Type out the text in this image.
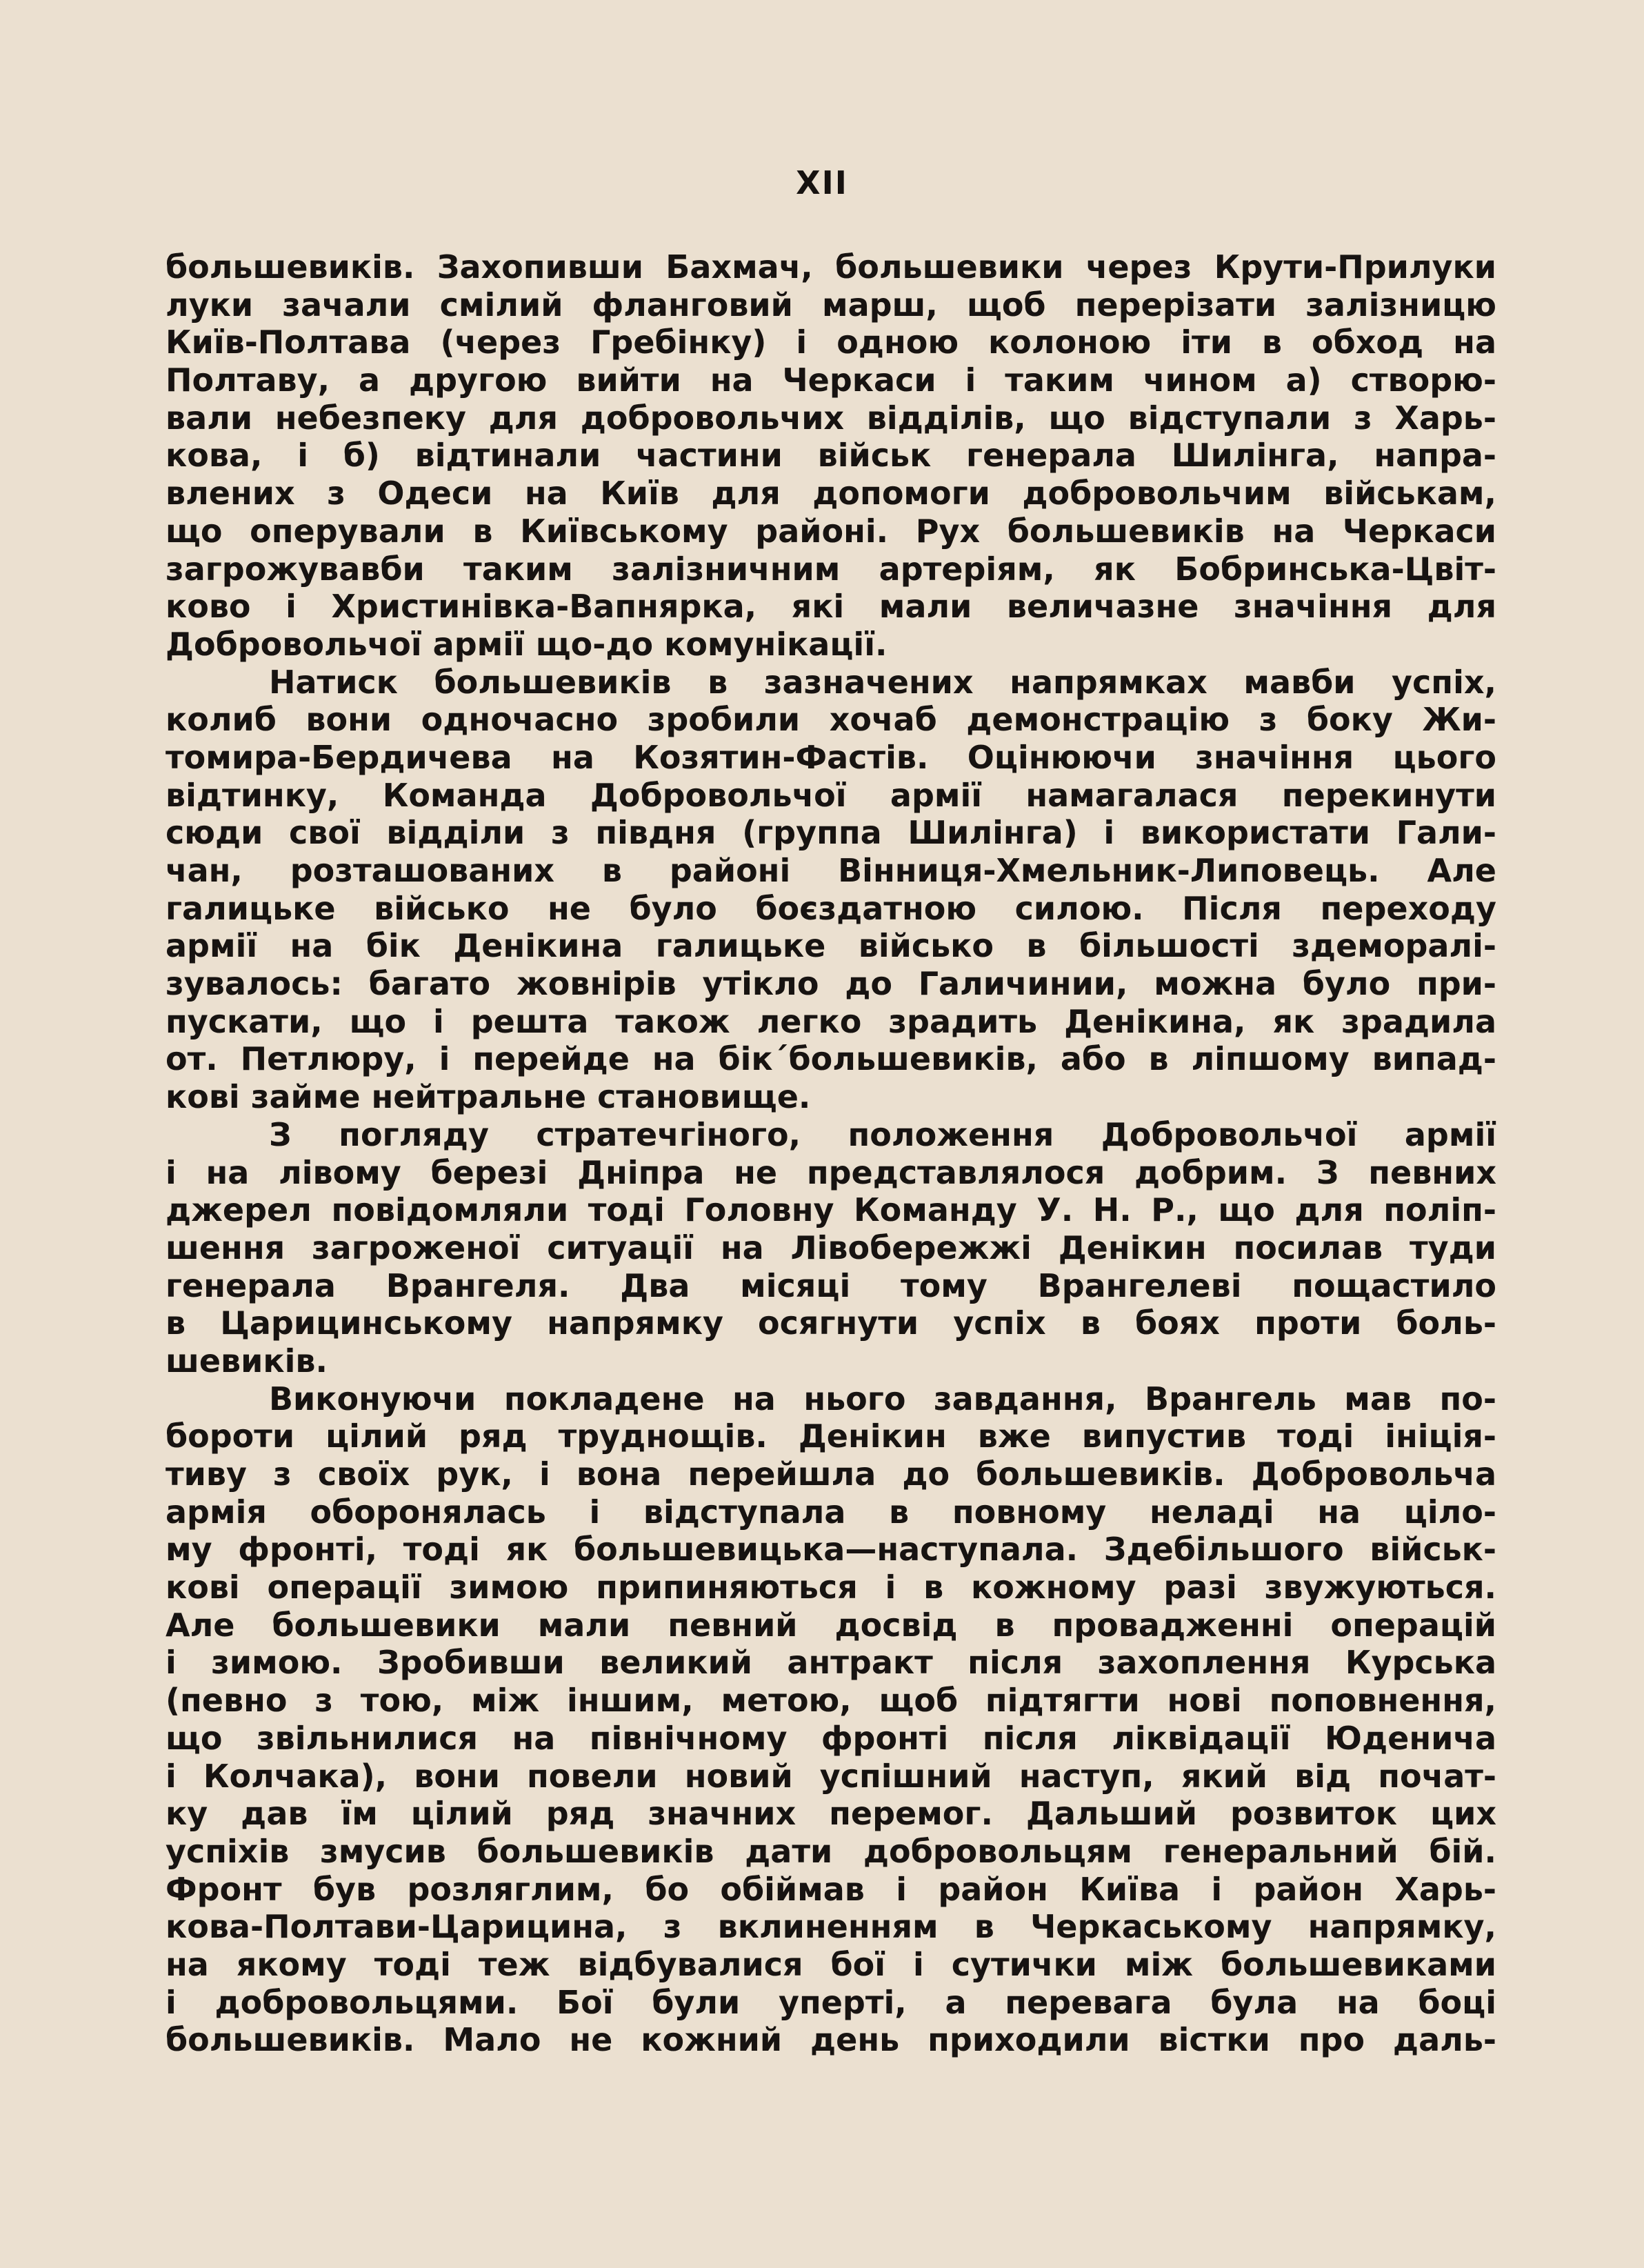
XII
большевиків. Захопивши Бахмач, большевики через Крути-Прилуки
луки зачали смілий фланговий марш, щоб перерізати залізницю
Київ-Полтава (через Гребінку) і одною колоною іти в обход на
Полтаву, а другою вийти на Черкаси і таким чином а) створю-
вали небезпеку для добровольчих відділів, що відступали з Харь-
кова, і б) відтинали частини військ генерала Шилінга, напра-
влених з Одеси на Київ для допомоги добровольчим військам,
що оперували в Київському районі. Рух большевиків на Черкаси
загрожувавби таким залізничним артеріям, як Бобринська-Цвіт-
ково і Христинівка-Вапнярка, які мали величазне значіння для
Добровольчої армії що-до комунікації.
Натиск большевиків в зазначених напрямках мавби успіх,
колиб вони одночасно зробили хочаб демонстрацію з боку Жи-
томира-Бердичева на Козятин-Фастів. Оцінюючи значіння цього
відтинку, Команда Добровольчої армії намагалася перекинути
сюди свої відділи з півдня (группа Шилінга) і використати Гали-
чан, розташованих в районі Вінниця-Хмельник-Липовець. Але
галицьке військо не було боєздатною силою. Після переходу
армії на бік Денікина галицьке військо в більшості здеморалі-
зувалось: багато жовнірів утікло до Галичинии, можна було при-
пускати, що і решта також легко зрадить Денікина, як зрадила
от. Петлюру, і перейде на бік´большевиків, або в ліпшому випад-
кові займе нейтральне становище.
З погляду стратечгіного, положення Добровольчої армії
і на лівому березі Дніпра не представлялося добрим. З певних
джерел повідомляли тоді Головну Команду У. Н. Р., що для поліп-
шення загроженої ситуації на Лівобережжі Денікин посилав туди
генерала Врангеля. Два місяці тому Врангелеві пощастило
в Царицинському напрямку осягнути успіх в боях проти боль-
шевиків.
Виконуючи покладене на нього завдання, Врангель мав по-
бороти цілий ряд труднощів. Денікин вже випустив тоді ініцiя-
тиву з своїх рук, і вона перейшла до большевиків. Добровольча
армія оборонялась і відступала в повному неладі на цілo-
му фронті, тоді як большевицька—наступала. Здебільшого військ-
кові операції зимою припиняються і в кожному разі звужуються.
Але большевики мали певний досвід в провадженні операцій
і зимою. Зробивши великий антракт після захоплення Курська
(певно з тою, між іншим, метою, щоб підтягти нові поповнення,
що звільнилися на північному фронті після ліквідації Юденича
і Колчака), вони повели новий успішний наступ, який від почат-
ку дав їм цілий ряд значних перемог. Дальший розвиток цих
успіхів змусив большевиків дати добровольцям генеральний бій.
Фронт був розляглим, бо обіймав і район Київа і район Харь-
кова-Полтави-Царицина, з вклиненням в Черкаському напрямку,
на якому тоді теж відбувалися бої і сутички між большевиками
і добровольцями. Бої були уперті, а перевага була на боці
большевиків. Мало не кожний день приходили вістки про даль-
